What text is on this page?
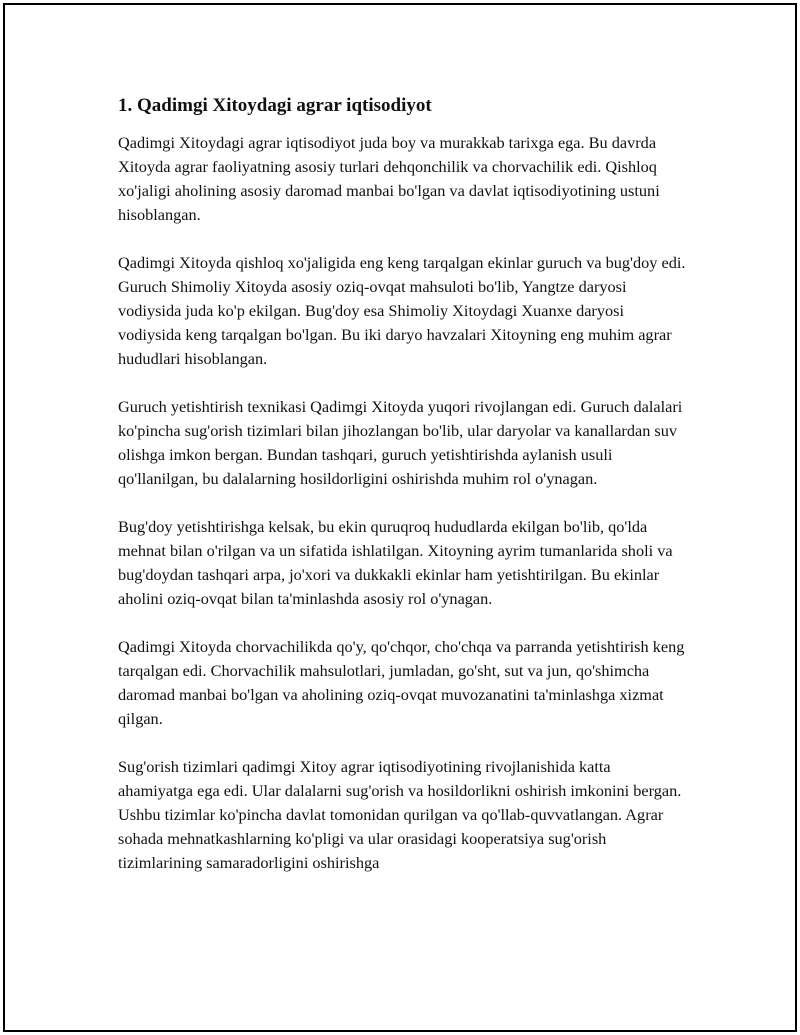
1. Qadimgi Xitoydagi agrar iqtisodiyot

Qadimgi Xitoydagi agrar iqtisodiyot juda boy va murakkab tarixga ega. Bu davrda Xitoyda agrar faoliyatning asosiy turlari dehqonchilik va chorvachilik edi. Qishloq xo'jaligi aholining asosiy daromad manbai bo'lgan va davlat iqtisodiyotining ustuni hisoblangan.

Qadimgi Xitoyda qishloq xo'jaligida eng keng tarqalgan ekinlar guruch va bug'doy edi. Guruch Shimoliy Xitoyda asosiy oziq-ovqat mahsuloti bo'lib, Yangtze daryosi vodiysida juda ko'p ekilgan. Bug'doy esa Shimoliy Xitoydagi Xuanxe daryosi vodiysida keng tarqalgan bo'lgan. Bu iki daryo havzalari Xitoyning eng muhim agrar hududlari hisoblangan.

Guruch yetishtirish texnikasi Qadimgi Xitoyda yuqori rivojlangan edi. Guruch dalalari ko'pincha sug'orish tizimlari bilan jihozlangan bo'lib, ular daryolar va kanallardan suv olishga imkon bergan. Bundan tashqari, guruch yetishtirishda aylanish usuli qo'llanilgan, bu dalalarning hosildorligini oshirishda muhim rol o'ynagan.

Bug'doy yetishtirishga kelsak, bu ekin quruqroq hududlarda ekilgan bo'lib, qo'lda mehnat bilan o'rilgan va un sifatida ishlatilgan. Xitoyning ayrim tumanlarida sholi va bug'doydan tashqari arpa, jo'xori va dukkakli ekinlar ham yetishtirilgan. Bu ekinlar aholini oziq-ovqat bilan ta'minlashda asosiy rol o'ynagan.

Qadimgi Xitoyda chorvachilikda qo'y, qo'chqor, cho'chqa va parranda yetishtirish keng tarqalgan edi. Chorvachilik mahsulotlari, jumladan, go'sht, sut va jun, qo'shimcha daromad manbai bo'lgan va aholining oziq-ovqat muvozanatini ta'minlashga xizmat qilgan.

Sug'orish tizimlari qadimgi Xitoy agrar iqtisodiyotining rivojlanishida katta ahamiyatga ega edi. Ular dalalarni sug'orish va hosildorlikni oshirish imkonini bergan. Ushbu tizimlar ko'pincha davlat tomonidan qurilgan va qo'llab-quvvatlangan. Agrar sohada mehnatkashlarning ko'pligi va ular orasidagi kooperatsiya sug'orish tizimlarining samaradorligini oshirishga
